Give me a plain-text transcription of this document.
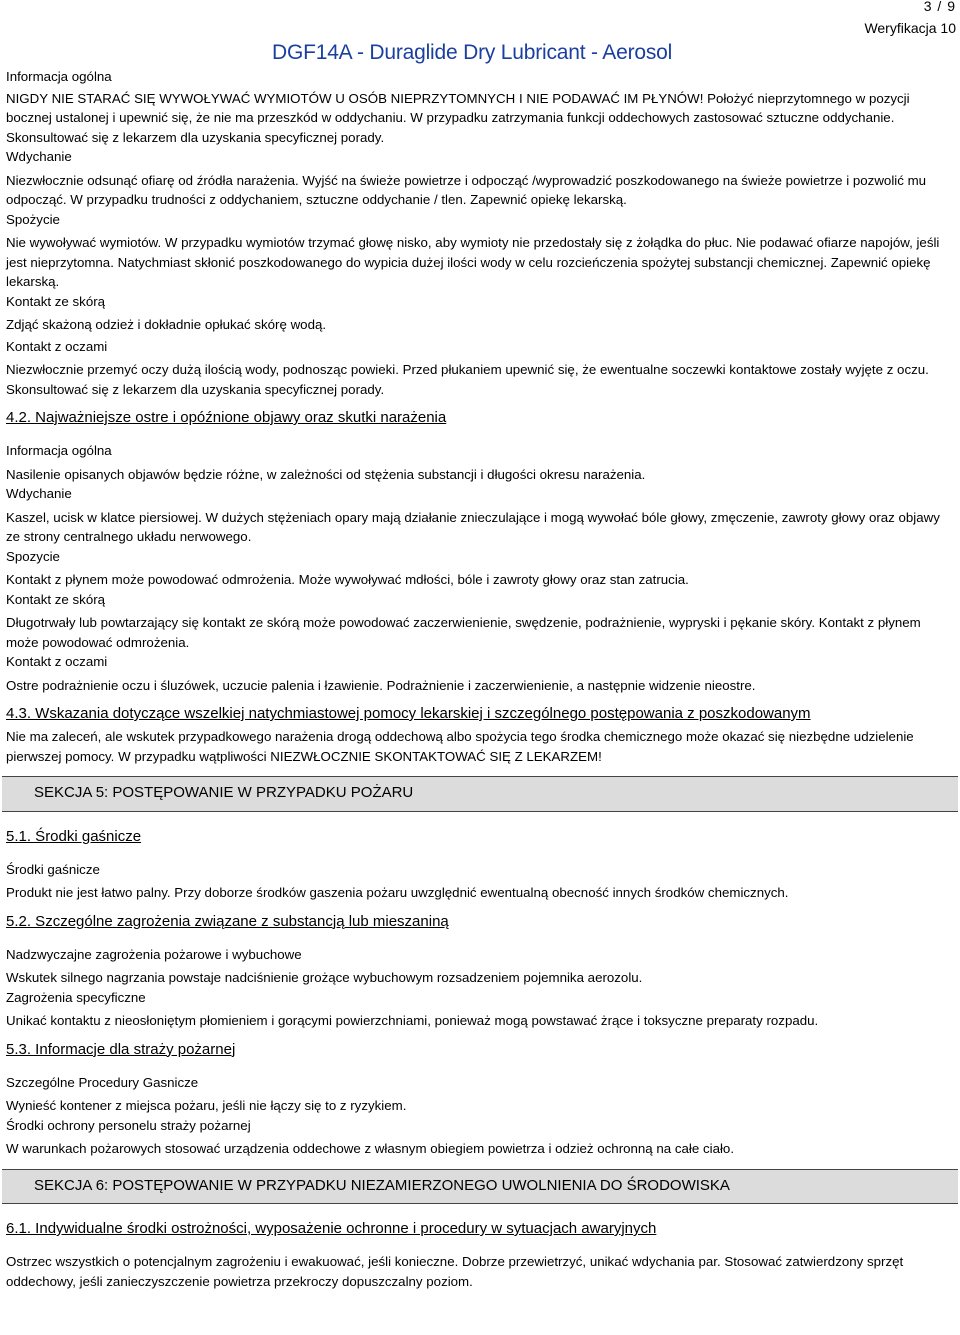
3 / 9
Weryfikacja 10
DGF14A - Duraglide Dry Lubricant - Aerosol

Informacja ogólna

NIGDY NIE STARAĆ SIĘ WYWOŁYWAĆ WYMIOTÓW U OSÓB NIEPRZYTOMNYCH I NIE PODAWAĆ IM PŁYNÓW! Położyć nieprzytomnego w pozycji bocznej ustalonej i upewnić się, że nie ma przeszkód w oddychaniu. W przypadku zatrzymania funkcji oddechowych zastosować sztuczne oddychanie. Skonsultować się z lekarzem dla uzyskania specyficznej porady.

Wdychanie

Niezwłocznie odsunąć ofiarę od źródła narażenia. Wyjść na świeże powietrze i odpocząć /wyprowadzić poszkodowanego na świeże powietrze i pozwolić mu odpocząć. W przypadku trudności z oddychaniem, sztuczne oddychanie / tlen. Zapewnić opiekę lekarską.

Spożycie

Nie wywoływać wymiotów. W przypadku wymiotów trzymać głowę nisko, aby wymioty nie przedostały się z żołądka do płuc. Nie podawać ofiarze napojów, jeśli jest nieprzytomna. Natychmiast skłonić poszkodowanego do wypicia dużej ilości wody w celu rozcieńczenia spożytej substancji chemicznej. Zapewnić opiekę lekarską.

Kontakt ze skórą

Zdjąć skażoną odzież i dokładnie opłukać skórę wodą.

Kontakt z oczami

Niezwłocznie przemyć oczy dużą ilością wody, podnosząc powieki. Przed płukaniem upewnić się, że ewentualne soczewki kontaktowe zostały wyjęte z oczu. Skonsultować się z lekarzem dla uzyskania specyficznej porady.

4.2. Najważniejsze ostre i opóźnione objawy oraz skutki narażenia

Informacja ogólna

Nasilenie opisanych objawów będzie różne, w zależności od stężenia substancji i długości okresu narażenia.

Wdychanie

Kaszel, ucisk w klatce piersiowej. W dużych stężeniach opary mają działanie znieczulające i mogą wywołać bóle głowy, zmęczenie, zawroty głowy oraz objawy ze strony centralnego układu nerwowego.

Spozycie

Kontakt z płynem może powodować odmrożenia. Może wywoływać mdłości, bóle i zawroty głowy oraz stan zatrucia.

Kontakt ze skórą

Długotrwały lub powtarzający się kontakt ze skórą może powodować zaczerwienienie, swędzenie, podrażnienie, wypryski i pękanie skóry. Kontakt z płynem może powodować odmrożenia.

Kontakt z oczami

Ostre podrażnienie oczu i śluzówek, uczucie palenia i łzawienie. Podrażnienie i zaczerwienienie, a następnie widzenie nieostre.

4.3. Wskazania dotyczące wszelkiej natychmiastowej pomocy lekarskiej i szczególnego postępowania z poszkodowanym

Nie ma zaleceń, ale wskutek przypadkowego narażenia drogą oddechową albo spożycia tego środka chemicznego może okazać się niezbędne udzielenie pierwszej pomocy. W przypadku wątpliwości NIEZWŁOCZNIE SKONTAKTOWAĆ SIĘ Z LEKARZEM!

SEKCJA 5: POSTĘPOWANIE W PRZYPADKU POŻARU
5.1. Środki gaśnicze

Środki gaśnicze

Produkt nie jest łatwo palny. Przy doborze środków gaszenia pożaru uwzględnić ewentualną obecność innych środków chemicznych.

5.2. Szczególne zagrożenia związane z substancją lub mieszaniną

Nadzwyczajne zagrożenia pożarowe i wybuchowe

Wskutek silnego nagrzania powstaje nadciśnienie grożące wybuchowym rozsadzeniem pojemnika aerozolu.

Zagrożenia specyficzne

Unikać kontaktu z nieosłoniętym płomieniem i gorącymi powierzchniami, ponieważ mogą powstawać żrące i toksyczne preparaty rozpadu.

5.3. Informacje dla straży pożarnej

Szczególne Procedury Gasnicze

Wynieść kontener z miejsca pożaru, jeśli nie łączy się to z ryzykiem.

Środki ochrony personelu straży pożarnej

W warunkach pożarowych stosować urządzenia oddechowe z własnym obiegiem powietrza i odzież ochronną na całe ciało.

SEKCJA 6: POSTĘPOWANIE W PRZYPADKU NIEZAMIERZONEGO UWOLNIENIA DO ŚRODOWISKA
6.1. Indywidualne środki ostrożności, wyposażenie ochronne i procedury w sytuacjach awaryjnych

Ostrzec wszystkich o potencjalnym zagrożeniu i ewakuować, jeśli konieczne. Dobrze przewietrzyć, unikać wdychania par. Stosować zatwierdzony sprzęt oddechowy, jeśli zanieczyszczenie powietrza przekroczy dopuszczalny poziom.
